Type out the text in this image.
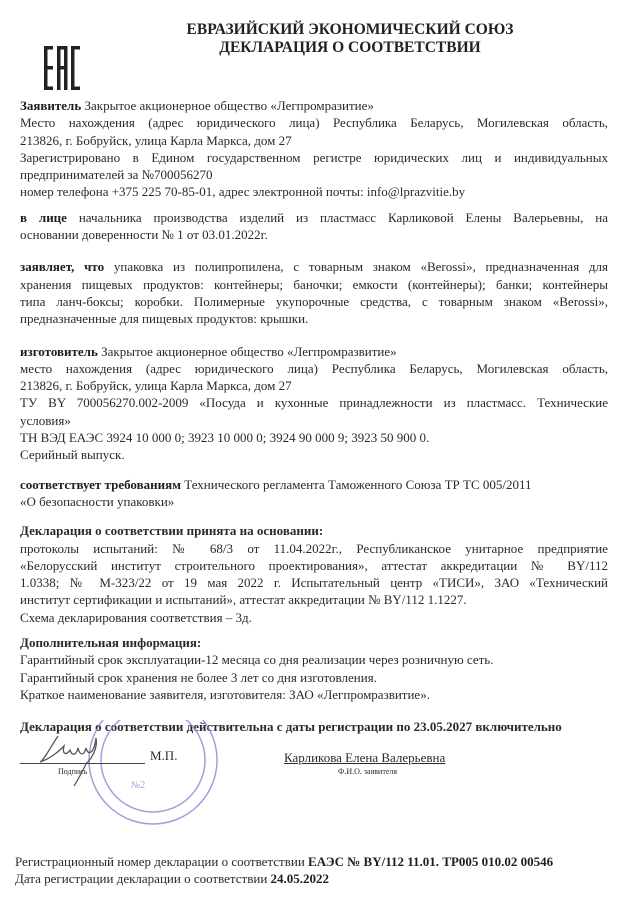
ЕВРАЗИЙСКИЙ ЭКОНОМИЧЕСКИЙ СОЮЗ
ДЕКЛАРАЦИЯ О СООТВЕТСТВИИ
Заявитель Закрытое акционерное общество «Легпромразитие»
Место нахождения (адрес юридического лица) Республика Беларусь, Могилевская область,
213826, г. Бобруйск, улица Карла Маркса, дом 27
Зарегистрировано в Едином государственном регистре юридических лиц и индивидуальных
предпринимателей за №700056270
номер телефона +375 225 70-85-01, адрес электронной почты: info@lprazvitie.by
в лице начальника производства изделий из пластмасс Карликовой Елены Валерьевны, на
основании доверенности № 1 от 03.01.2022г.
заявляет, что упаковка из полипропилена, с товарным знаком «Berossi», предназначенная для
хранения пищевых продуктов: контейнеры; баночки; емкости (контейнеры); банки; контейнеры
типа ланч-боксы; коробки. Полимерные укупорочные средства, с товарным знаком «Berossi»,
предназначенные для пищевых продуктов: крышки.
изготовитель Закрытое акционерное общество «Легпромразвитие»
место нахождения (адрес юридического лица) Республика Беларусь, Могилевская область,
213826, г. Бобруйск, улица Карла Маркса, дом 27
ТУ BY 700056270.002-2009 «Посуда и кухонные принадлежности из пластмасс. Технические
условия»
ТН ВЭД ЕАЭС 3924 10 000 0; 3923 10 000 0; 3924 90 000 9; 3923 50 900 0.
Серийный выпуск.
соответствует требованиям Технического регламента Таможенного Союза ТР ТС 005/2011
«О безопасности упаковки»
Декларация о соответствии принята на основании:
протоколы испытаний: № 68/3 от 11.04.2022г., Республиканское унитарное предприятие
«Белорусский институт строительного проектирования», аттестат аккредитации № BY/112
1.0338; № М-323/22 от 19 мая 2022 г. Испытательный центр «ТИСИ», ЗАО «Технический
институт сертификации и испытаний», аттестат аккредитации № BY/112 1.1227.
Схема декларирования соответствия – 3д.
Дополнительная информация:
Гарантийный срок эксплуатации-12 месяца со дня реализации через розничную сеть.
Гарантийный срок хранения не более 3 лет со дня изготовления.
Краткое наименование заявителя, изготовителя: ЗАО «Легпромразвитие».
Декларация о соответствии действительна с даты регистрации по 23.05.2027 включительно
№2
Подпись
М.П.	Карликова Елена Валерьевна
Ф.И.О. заявителя
Регистрационный номер декларации о соответствии ЕАЭС № BY/112 11.01. ТР005 010.02 00546
Дата регистрации декларации о соответствии 24.05.2022
